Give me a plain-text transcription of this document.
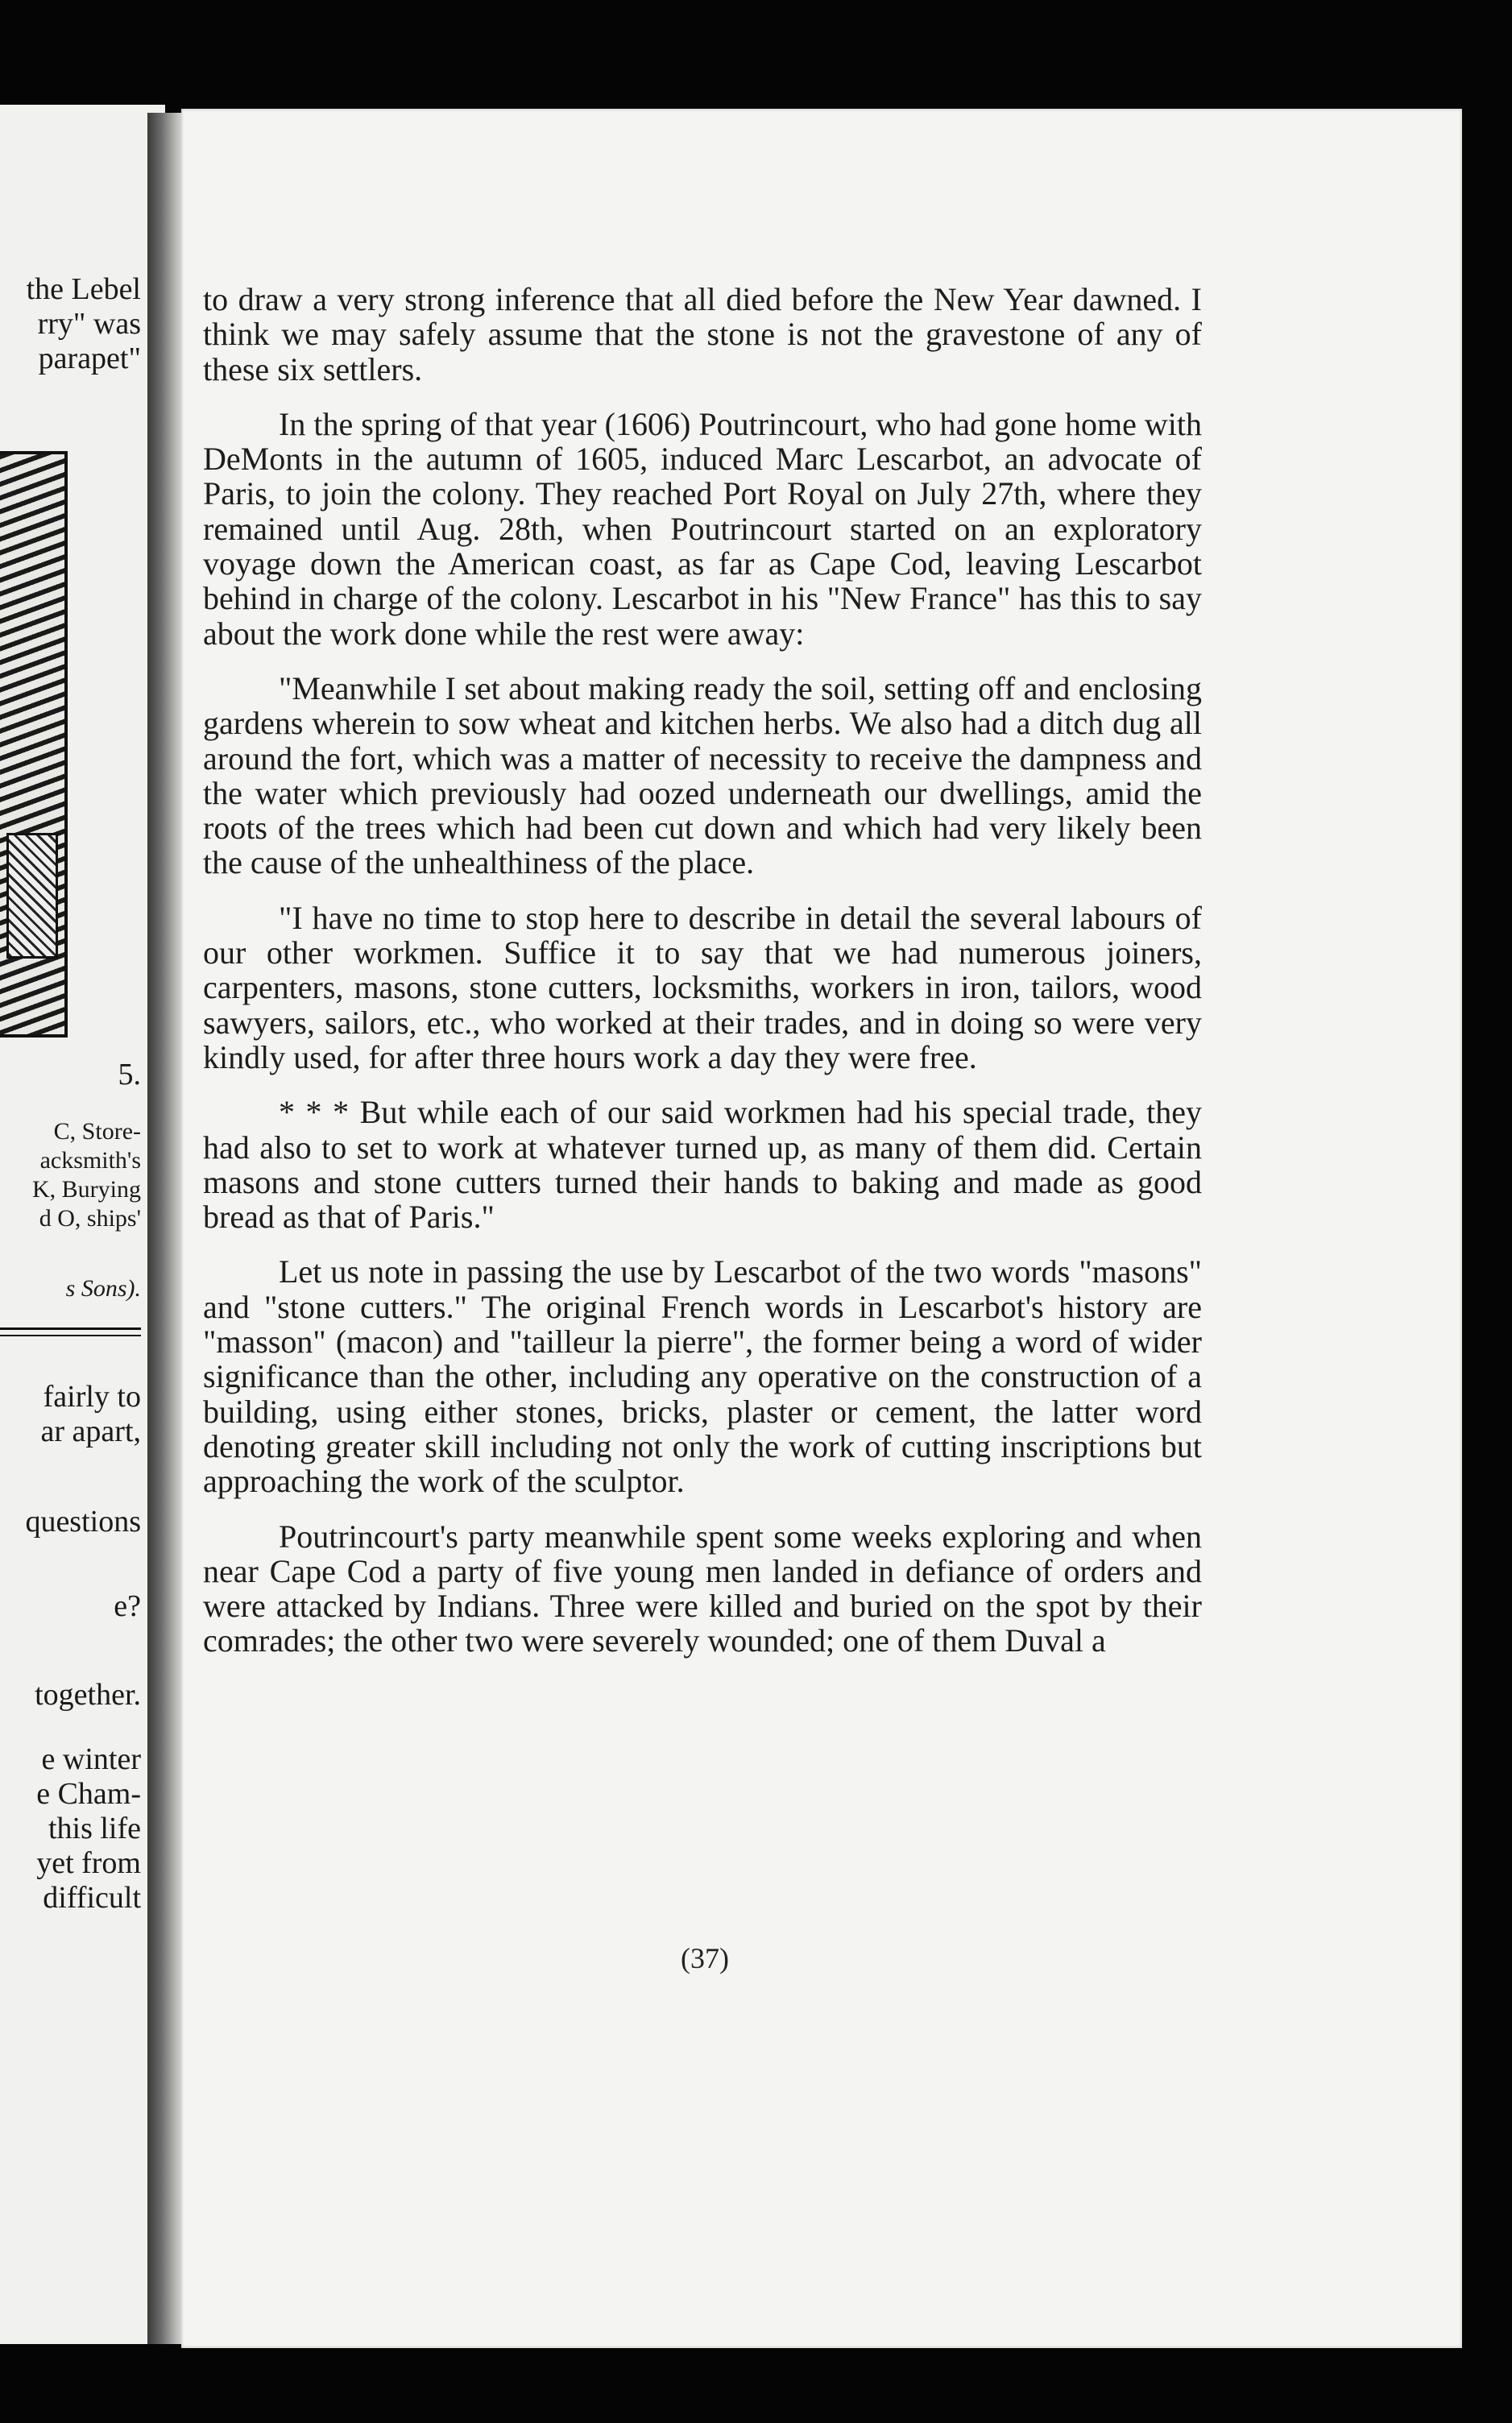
the Lebel
rry" was
parapet"
5.
C, Store-
acksmith's
K, Burying
d O, ships'
s Sons).
fairly to
ar apart,
questions
e?
together.
e winter
e Cham-
this life
yet from
difficult

to draw a very strong inference that all died before the New Year dawned. I think we may safely assume that the stone is not the gravestone of any of these six settlers.

In the spring of that year (1606) Poutrincourt, who had gone home with DeMonts in the autumn of 1605, induced Marc Lescarbot, an advocate of Paris, to join the colony. They reached Port Royal on July 27th, where they remained until Aug. 28th, when Poutrincourt started on an exploratory voyage down the American coast, as far as Cape Cod, leaving Lescarbot behind in charge of the colony. Lescarbot in his "New France" has this to say about the work done while the rest were away:

"Meanwhile I set about making ready the soil, setting off and enclosing gardens wherein to sow wheat and kitchen herbs. We also had a ditch dug all around the fort, which was a matter of necessity to receive the dampness and the water which previously had oozed underneath our dwellings, amid the roots of the trees which had been cut down and which had very likely been the cause of the unhealthiness of the place.

"I have no time to stop here to describe in detail the several labours of our other workmen. Suffice it to say that we had numerous joiners, carpenters, masons, stone cutters, locksmiths, workers in iron, tailors, wood sawyers, sailors, etc., who worked at their trades, and in doing so were very kindly used, for after three hours work a day they were free.

* * * But while each of our said workmen had his special trade, they had also to set to work at whatever turned up, as many of them did. Certain masons and stone cutters turned their hands to baking and made as good bread as that of Paris."

Let us note in passing the use by Lescarbot of the two words "masons" and "stone cutters." The original French words in Lescarbot's history are "masson" (macon) and "tailleur la pierre", the former being a word of wider significance than the other, including any operative on the construction of a building, using either stones, bricks, plaster or cement, the latter word denoting greater skill including not only the work of cutting inscriptions but approaching the work of the sculptor.

Poutrincourt's party meanwhile spent some weeks exploring and when near Cape Cod a party of five young men landed in defiance of orders and were attacked by Indians. Three were killed and buried on the spot by their comrades; the other two were severely wounded; one of them Duval a

(37)
